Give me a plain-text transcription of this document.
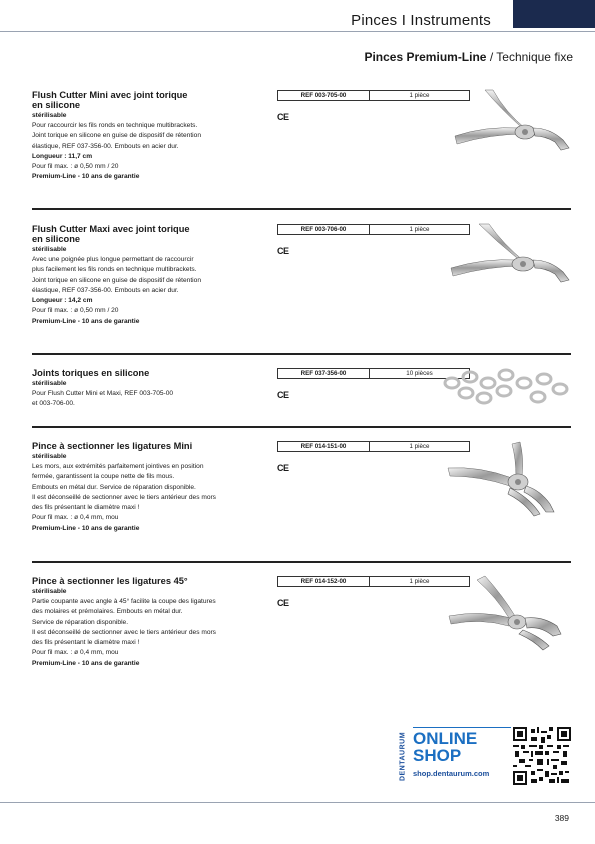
Pinces I Instruments
Pinces Premium-Line / Technique fixe
Flush Cutter Mini avec joint torique
en silicone
stérilisable
Pour raccourcir les fils ronds en technique multibrackets.
Joint torique en silicone en guise de dispositif de rétention
élastique, REF 037-356-00. Embouts en acier dur.
Longueur : 11,7 cm
Pour fil max. : ø 0,50 mm / 20
Premium-Line - 10 ans de garantie
REF 003-705-00	1 pièce
CE
Flush Cutter Maxi avec joint torique
en silicone
stérilisable
Avec une poignée plus longue permettant de raccourcir
plus facilement les fils ronds en technique multibrackets.
Joint torique en silicone en guise de dispositif de rétention
élastique, REF 037-356-00. Embouts en acier dur.
Longueur : 14,2 cm
Pour fil max. : ø 0,50 mm / 20
Premium-Line - 10 ans de garantie
REF 003-706-00	1 pièce
CE
Joints toriques en silicone
stérilisable
Pour Flush Cutter Mini et Maxi, REF 003-705-00
et 003-706-00.
REF 037-356-00	10 pièces
CE
Pince à sectionner les ligatures Mini
stérilisable
Les mors, aux extrémités parfaitement jointives en position
fermée, garantissent la coupe nette de fils mous.
Embouts en métal dur. Service de réparation disponible.
Il est déconseillé de sectionner avec le tiers antérieur des mors
des fils présentant le diamètre maxi !
Pour fil max. : ø 0,4 mm, mou
Premium-Line - 10 ans de garantie
REF 014-151-00	1 pièce
CE
Pince à sectionner les ligatures 45°
stérilisable
Partie coupante avec angle à 45° facilite la coupe des ligatures
des molaires et prémolaires. Embouts en métal dur.
Service de réparation disponible.
Il est déconseillé de sectionner avec le tiers antérieur des mors
des fils présentant le diamètre maxi !
Pour fil max. : ø 0,4 mm, mou
Premium-Line - 10 ans de garantie
REF 014-152-00	1 pièce
CE
DENTAURUM ONLINE
SHOP
shop.dentaurum.com
389
